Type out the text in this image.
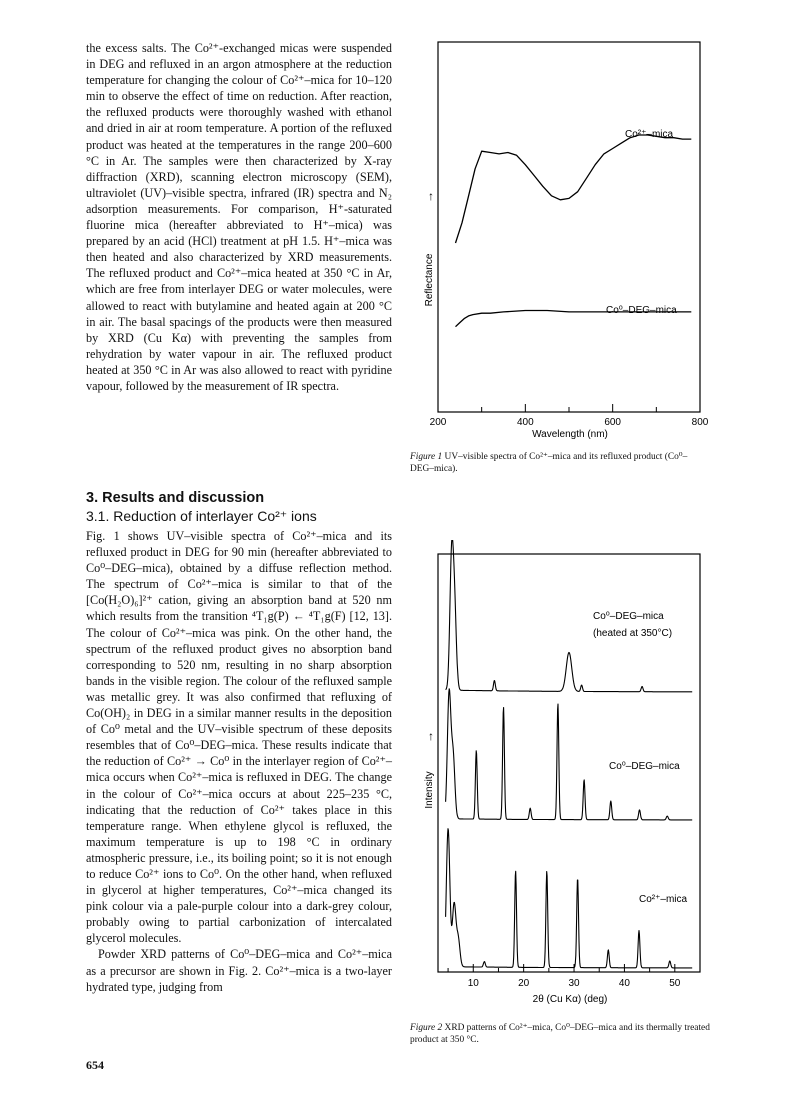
the excess salts. The Co²⁺-exchanged micas were suspended in DEG and refluxed in an argon atmosphere at the reduction temperature for changing the colour of Co²⁺–mica for 10–120 min to observe the effect of time on reduction. After reaction, the refluxed products were thoroughly washed with ethanol and dried in air at room temperature. A portion of the refluxed product was heated at the temperatures in the range 200–600 °C in Ar. The samples were then characterized by X-ray diffraction (XRD), scanning electron microscopy (SEM), ultraviolet (UV)–visible spectra, infrared (IR) spectra and N₂ adsorption measurements. For comparison, H⁺-saturated fluorine mica (hereafter abbreviated to H⁺–mica) was prepared by an acid (HCl) treatment at pH 1.5. H⁺–mica was then heated and also characterized by XRD measurements. The refluxed product and Co²⁺–mica heated at 350 °C in Ar, which are free from interlayer DEG or water molecules, were allowed to react with butylamine and heated again at 200 °C in air. The basal spacings of the products were then measured by XRD (Cu Kα) with preventing the samples from rehydration by water vapour in air. The refluxed product heated at 350 °C in Ar was also allowed to react with pyridine vapour, followed by the measurement of IR spectra.

3. Results and discussion
3.1. Reduction of interlayer Co²⁺ ions

Fig. 1 shows UV–visible spectra of Co²⁺–mica and its refluxed product in DEG for 90 min (hereafter abbreviated to Co⁰–DEG–mica), obtained by a diffuse reflection method. The spectrum of Co²⁺–mica is similar to that of the [Co(H₂O)₆]²⁺ cation, giving an absorption band at 520 nm which results from the transition ⁴T₁g(P) ← ⁴T₁g(F) [12, 13]. The colour of Co²⁺–mica was pink. On the other hand, the spectrum of the refluxed product gives no absorption band corresponding to 520 nm, resulting in no sharp absorption bands in the visible region. The colour of the refluxed sample was metallic grey. It was also confirmed that refluxing of Co(OH)₂ in DEG in a similar manner results in the deposition of Co⁰ metal and the UV–visible spectrum of these deposits resembles that of Co⁰–DEG–mica. These results indicate that the reduction of Co²⁺ → Co⁰ in the interlayer region of Co²⁺–mica occurs when Co²⁺–mica is refluxed in DEG. The change in the colour of Co²⁺–mica occurs at about 225–235 °C, indicating that the reduction of Co²⁺ takes place in this temperature range. When ethylene glycol is refluxed, the maximum temperature is up to 198 °C in ordinary atmospheric pressure, i.e., its boiling point; so it is not enough to reduce Co²⁺ ions to Co⁰. On the other hand, when refluxed in glycerol at higher temperatures, Co²⁺–mica changed its pink colour via a pale-purple colour into a dark-grey colour, probably owing to partial carbonization of intercalated glycerol molecules.

Powder XRD patterns of Co⁰–DEG–mica and Co²⁺–mica as a precursor are shown in Fig. 2. Co²⁺–mica is a two-layer hydrated type, judging from

654
200	400	600	800
Reflectance
↑
Wavelength (nm)
Co²⁺–mica
Co⁰–DEG–mica
Figure 1 UV–visible spectra of Co²⁺–mica and its refluxed product (Co⁰–DEG–mica).
10	20	30	40	50
Intensity
↑
2θ (Cu Kα) (deg)
Co⁰–DEG–mica
(heated at 350°C)
Co⁰–DEG–mica
Co²⁺–mica
Figure 2 XRD patterns of Co²⁺–mica, Co⁰–DEG–mica and its thermally treated product at 350 °C.
